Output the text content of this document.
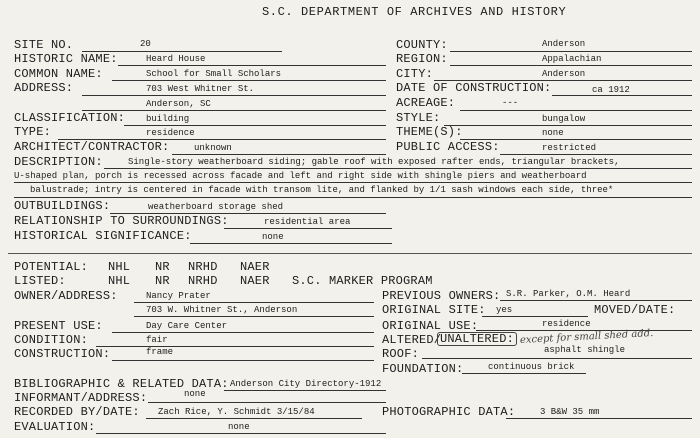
S.C. DEPARTMENT OF ARCHIVES AND HISTORY
SITE NO.	20
HISTORIC NAME:	Heard House
COMMON NAME:	School for Small Scholars
ADDRESS:	703 West Whitner St.
Anderson, SC
CLASSIFICATION: building
TYPE:	residence
ARCHITECT/CONTRACTOR:	unknown
COUNTY:	Anderson
REGION:	Appalachian
CITY:	Anderson
DATE OF CONSTRUCTION:	ca 1912
ACREAGE:	---
STYLE:	bungalow
THEME(S):	none
PUBLIC ACCESS:	restricted
DESCRIPTION:	Single-story weatherboard siding; gable roof with exposed rafter ends, triangular brackets,
U-shaped plan, porch is recessed across facade and left and right side with shingle piers and weatherboard
balustrade; intry is centered in facade with transom lite, and flanked by 1/1 sash windows each side, three*
OUTBUILDINGS:	weatherboard storage shed
RELATIONSHIP TO SURROUNDINGS:	residential area
HISTORICAL SIGNIFICANCE:	none
POTENTIAL: NHL NR NRHD NAER
LISTED:	NHL NR NRHD NAER S.C. MARKER PROGRAM
OWNER/ADDRESS:	Nancy Prater
703 W. Whitner St., Anderson
PRESENT USE:	Day Care Center
CONDITION:	fair
CONSTRUCTION:	frame
PREVIOUS OWNERS: S.R. Parker, O.M. Heard
ORIGINAL SITE: yes	MOVED/DATE:
ORIGINAL USE:	residence
ALTERED/
UNALTERED: except for small shed add.
ROOF:	asphalt shingle
FOUNDATION:	continuous brick
BIBLIOGRAPHIC & RELATED DATA: Anderson City Directory-1912
INFORMANT/ADDRESS:	none
RECORDED BY/DATE: Zach Rice, Y. Schmidt 3/15/84	PHOTOGRAPHIC DATA:	3 B&W 35 mm
EVALUATION:	none
